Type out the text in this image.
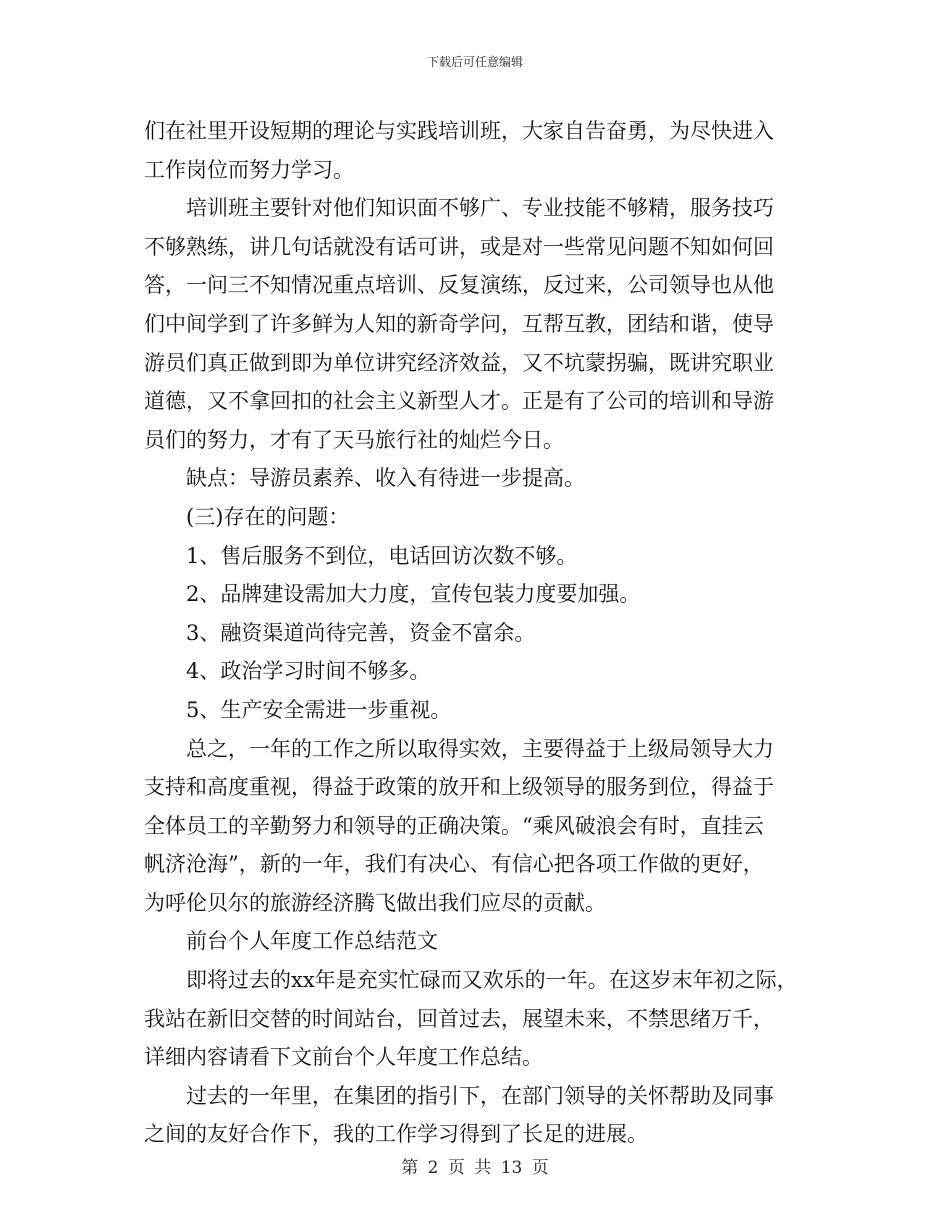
下载后可任意编辑
们在社里开设短期的理论与实践培训班，大家自告奋勇，为尽快进入
工作岗位而努力学习。
培训班主要针对他们知识面不够广、专业技能不够精，服务技巧
不够熟练，讲几句话就没有话可讲，或是对一些常见问题不知如何回
答，一问三不知情况重点培训、反复演练，反过来，公司领导也从他
们中间学到了许多鲜为人知的新奇学问，互帮互教，团结和谐，使导
游员们真正做到即为单位讲究经济效益，又不坑蒙拐骗，既讲究职业
道德，又不拿回扣的社会主义新型人才。正是有了公司的培训和导游
员们的努力，才有了天马旅行社的灿烂今日。
缺点：导游员素养、收入有待进一步提高。
(三)存在的问题：
1、售后服务不到位，电话回访次数不够。
2、品牌建设需加大力度，宣传包装力度要加强。
3、融资渠道尚待完善，资金不富余。
4、政治学习时间不够多。
5、生产安全需进一步重视。
总之，一年的工作之所以取得实效，主要得益于上级局领导大力
支持和高度重视，得益于政策的放开和上级领导的服务到位，得益于
全体员工的辛勤努力和领导的正确决策。“乘风破浪会有时，直挂云
帆济沧海”，新的一年，我们有决心、有信心把各项工作做的更好，
为呼伦贝尔的旅游经济腾飞做出我们应尽的贡献。
前台个人年度工作总结范文
即将过去的xx年是充实忙碌而又欢乐的一年。在这岁末年初之际，
我站在新旧交替的时间站台，回首过去，展望未来，不禁思绪万千，
详细内容请看下文前台个人年度工作总结。
过去的一年里，在集团的指引下，在部门领导的关怀帮助及同事
之间的友好合作下，我的工作学习得到了长足的进展。
第 2 页 共 13 页
